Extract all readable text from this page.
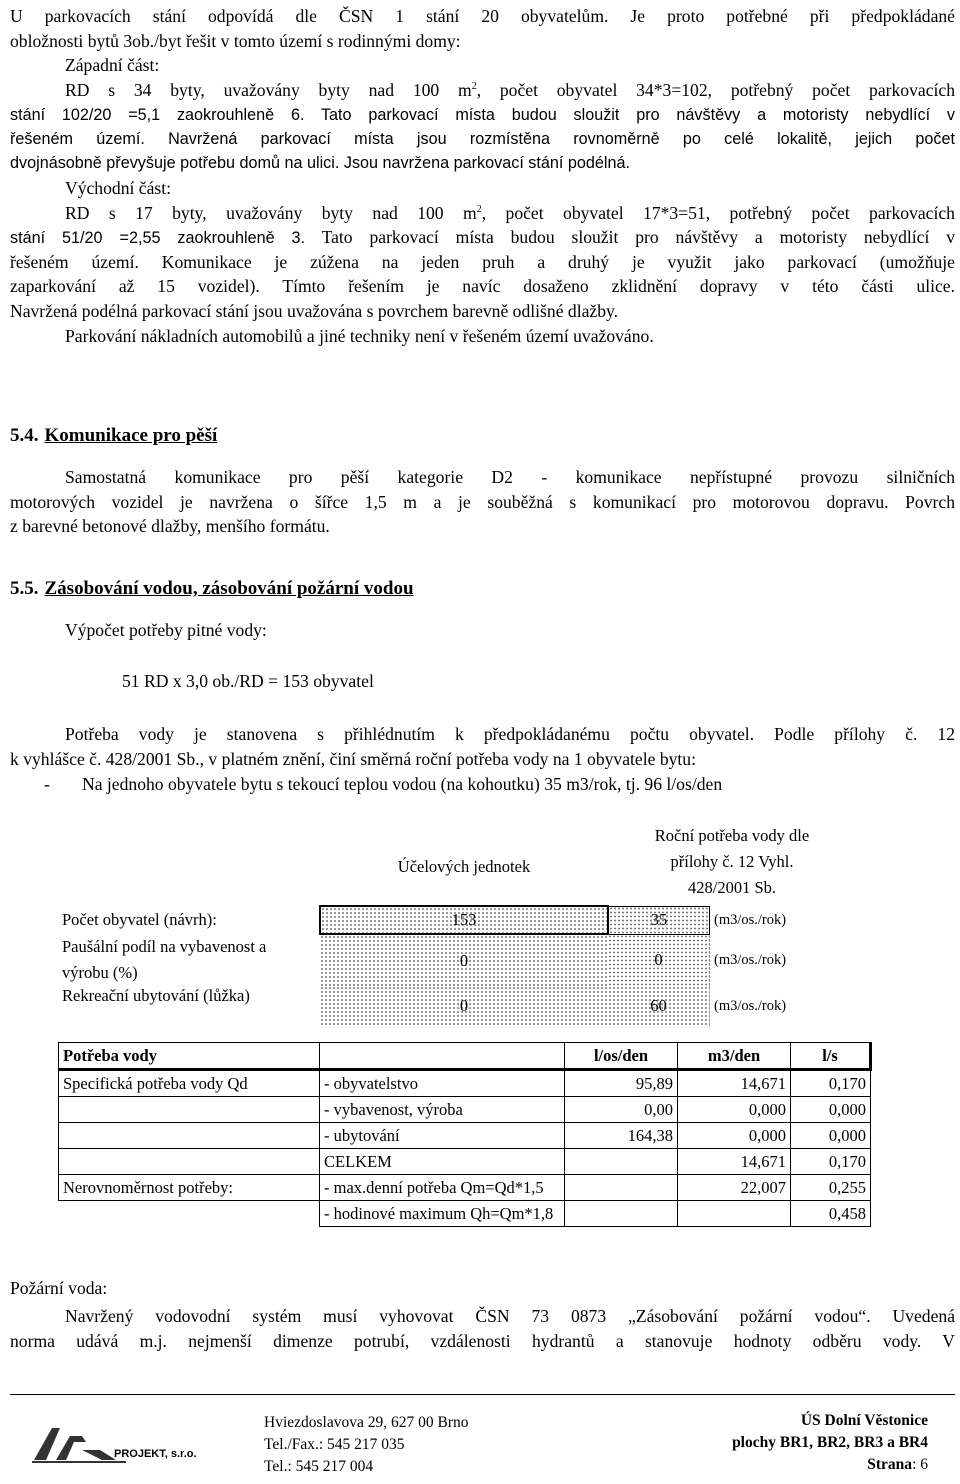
U parkovacích stání odpovídá dle ČSN 1 stání 20 obyvatelům. Je proto potřebné při předpokládané
obložnosti bytů 3ob./byt řešit v tomto území s rodinnými domy:
Západní část:
RD s 34 byty, uvažovány byty nad 100 $m^2$, počet obyvatel 34*3=102, potřebný počet parkovacích
stání 102/20 =5,1 zaokrouhleně 6. Tato parkovací místa budou sloužit pro návštěvy a motoristy nebydlící v
řešeném území. Navržená parkovací místa jsou rozmístěna rovnoměrně po celé lokalitě, jejich počet
dvojnásobně převyšuje potřebu domů na ulici. Jsou navržena parkovací stání podélná.
Východní část:
RD s 17 byty, uvažovány byty nad 100 $m^2$, počet obyvatel 17*3=51, potřebný počet parkovacích
stání 51/20 =2,55 zaokrouhleně 3. Tato parkovací místa budou sloužit pro návštěvy a motoristy nebydlící v
řešeném území. Komunikace je zúžena na jeden pruh a druhý je využit jako parkovací (umožňuje
zaparkování až 15 vozidel). Tímto řešením je navíc dosaženo zklidnění dopravy v této části ulice.
Navržená podélná parkovací stání jsou uvažována s povrchem barevně odlišné dlažby.
Parkování nákladních automobilů a jiné techniky není v řešeném území uvažováno.
5.4. Komunikace pro pěší
Samostatná komunikace pro pěší kategorie D2 - komunikace nepřístupné provozu silničních
motorových vozidel je navržena o šířce 1,5 m a je souběžná s komunikací pro motorovou dopravu. Povrch
z barevné betonové dlažby, menšího formátu.
5.5. Zásobování vodou, zásobování požární vodou
Výpočet potřeby pitné vody:
51 RD x 3,0 ob./RD = 153 obyvatel
Potřeba vody je stanovena s přihlédnutím k předpokládanému počtu obyvatel. Podle přílohy č. 12
k vyhlášce č. 428/2001 Sb., v platném znění, činí směrná roční potřeba vody na 1 obyvatele bytu:
- Na jednoho obyvatele bytu s tekoucí teplou vodou (na kohoutku) 35 m3/rok, tj. 96 l/os/den
	Účelových jednotek	Roční potřeba vody dle
přílohy č. 12 Vyhl.
428/2001 Sb.	

Počet obyvatel (návrh):	153	35	(m3/os./rok)

Paušální podíl na vybavenost a
výrobu (%)	0	0	(m3/os./rok)
Rekreační ubytování (lůžka)	0	60	(m3/os./rok)
Potřeba vody		l/os/den	m3/den	l/s
Specifická potřeba vody Qd	- obyvatelstvo	95,89	14,671	0,170
	- vybavenost, výroba	0,00	0,000	0,000
	- ubytování	164,38	0,000	0,000
	CELKEM		14,671	0,170
Nerovnoměrnost potřeby:	- max.denní potřeba Qm=Qd*1,5		22,007	0,255
	- hodinové maximum Qh=Qm*1,8			0,458
Požární voda:
Navržený vodovodní systém musí vyhovovat ČSN 73 0873 „Zásobování požární vodou“. Uvedená
norma udává m.j. nejmenší dimenze potrubí, vzdálenosti hydrantů a stanovuje hodnoty odběru vody. V
PROJEKT, s.r.o.
Hviezdoslavova 29, 627 00 Brno
Tel./Fax.: 545 217 035
Tel.: 545 217 004
ÚS Dolní Věstonice
plochy BR1, BR2, BR3 a BR4
Strana: 6
